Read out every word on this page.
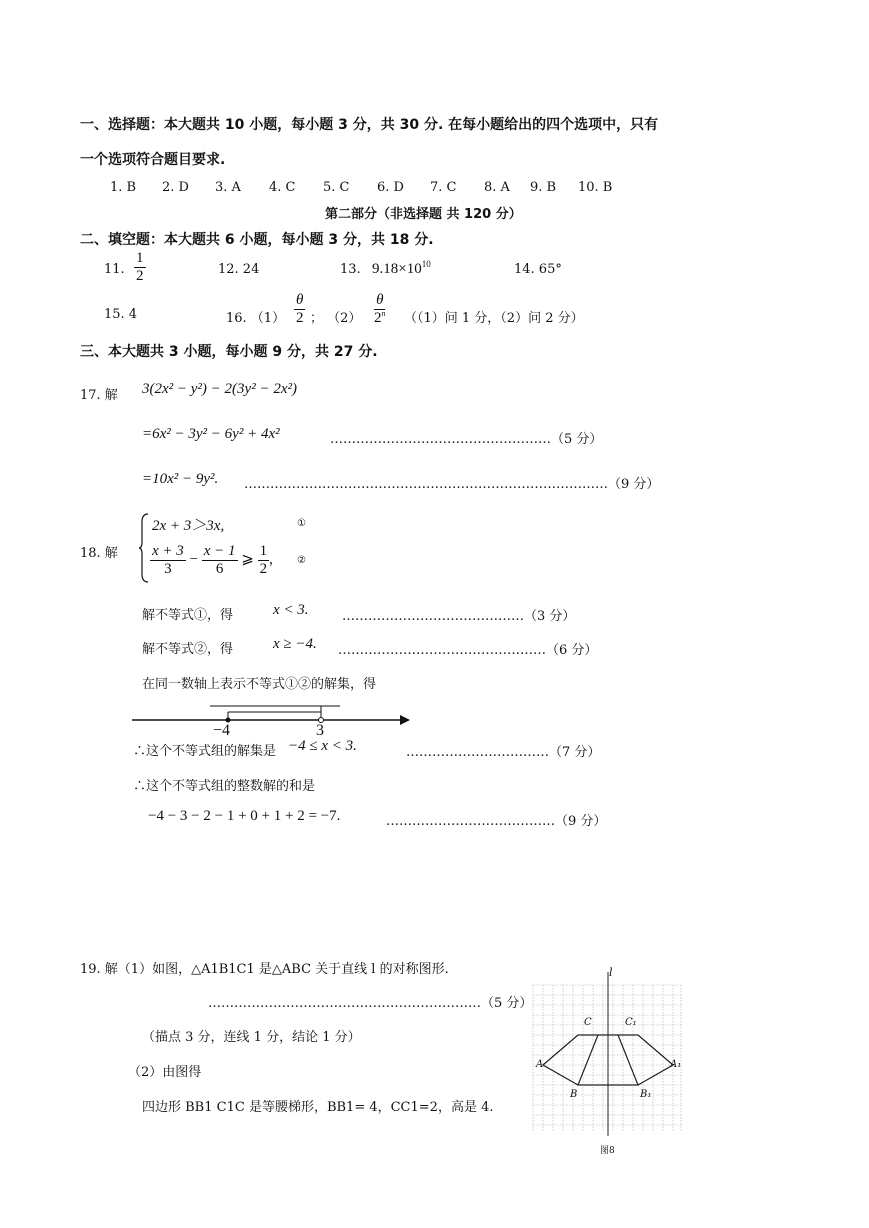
一、选择题：本大题共 10 小题，每小题 3 分，共 30 分. 在每小题给出的四个选项中，只有
一个选项符合题目要求.
1. B 2. D 3. A 4. C 5. C 6. D 7. C 8. A 9. B 10. B
第二部分（非选择题 共 120 分）
二、填空题：本大题共 6 小题，每小题 3 分，共 18 分.
11. $\frac{1}{2}$	12. 24	13. $9.18\times 10^{10}$	14. 65°
15. 4	16. $(1) \frac{\theta}{2}$ ； $(2) \frac{\theta}{2^n} ((1)$问 1 分，（2）问 2 分）
三、本大题共 3 小题，每小题 9 分，共 27 分.
17. 解 3(2x² − y²) − 2(3y² − 2x²)
=6x² − 3y² − 6y² + 4x²	……………………………………………（5 分）
=10x² − 9y². …………………………………………………………………………（9 分）
18. 解
2x + 3＞3x,	①
$\frac{x + 3}{3} - \frac{x - 1}{6}$ ⩾ $\frac{1}{2}$ , ②
解不等式①，得	x < 3.	……………………………………（3 分）
解不等式②，得	x ≥ −4. …………………………………………（6 分）
在同一数轴上表示不等式①②的解集，得
−4	3
∴这个不等式组的解集是 −4 ≤ x < 3.	……………………………（7 分）
∴这个不等式组的整数解的和是
−4 − 3 − 2 − 1 + 0 + 1 + 2 = −7.	…………………………………（9 分）
19. 解（1）如图，△A1B1C1 是△ABC 关于直线 l 的对称图形.
………………………………………………………（5 分）
（描点 3 分，连线 1 分，结论 1 分）
（2）由图得
四边形 BB1 C1C 是等腰梯形，BB1= 4，CC1=2，高是 4.
l
C	C₁
A	A₁
B	B₁
图8
